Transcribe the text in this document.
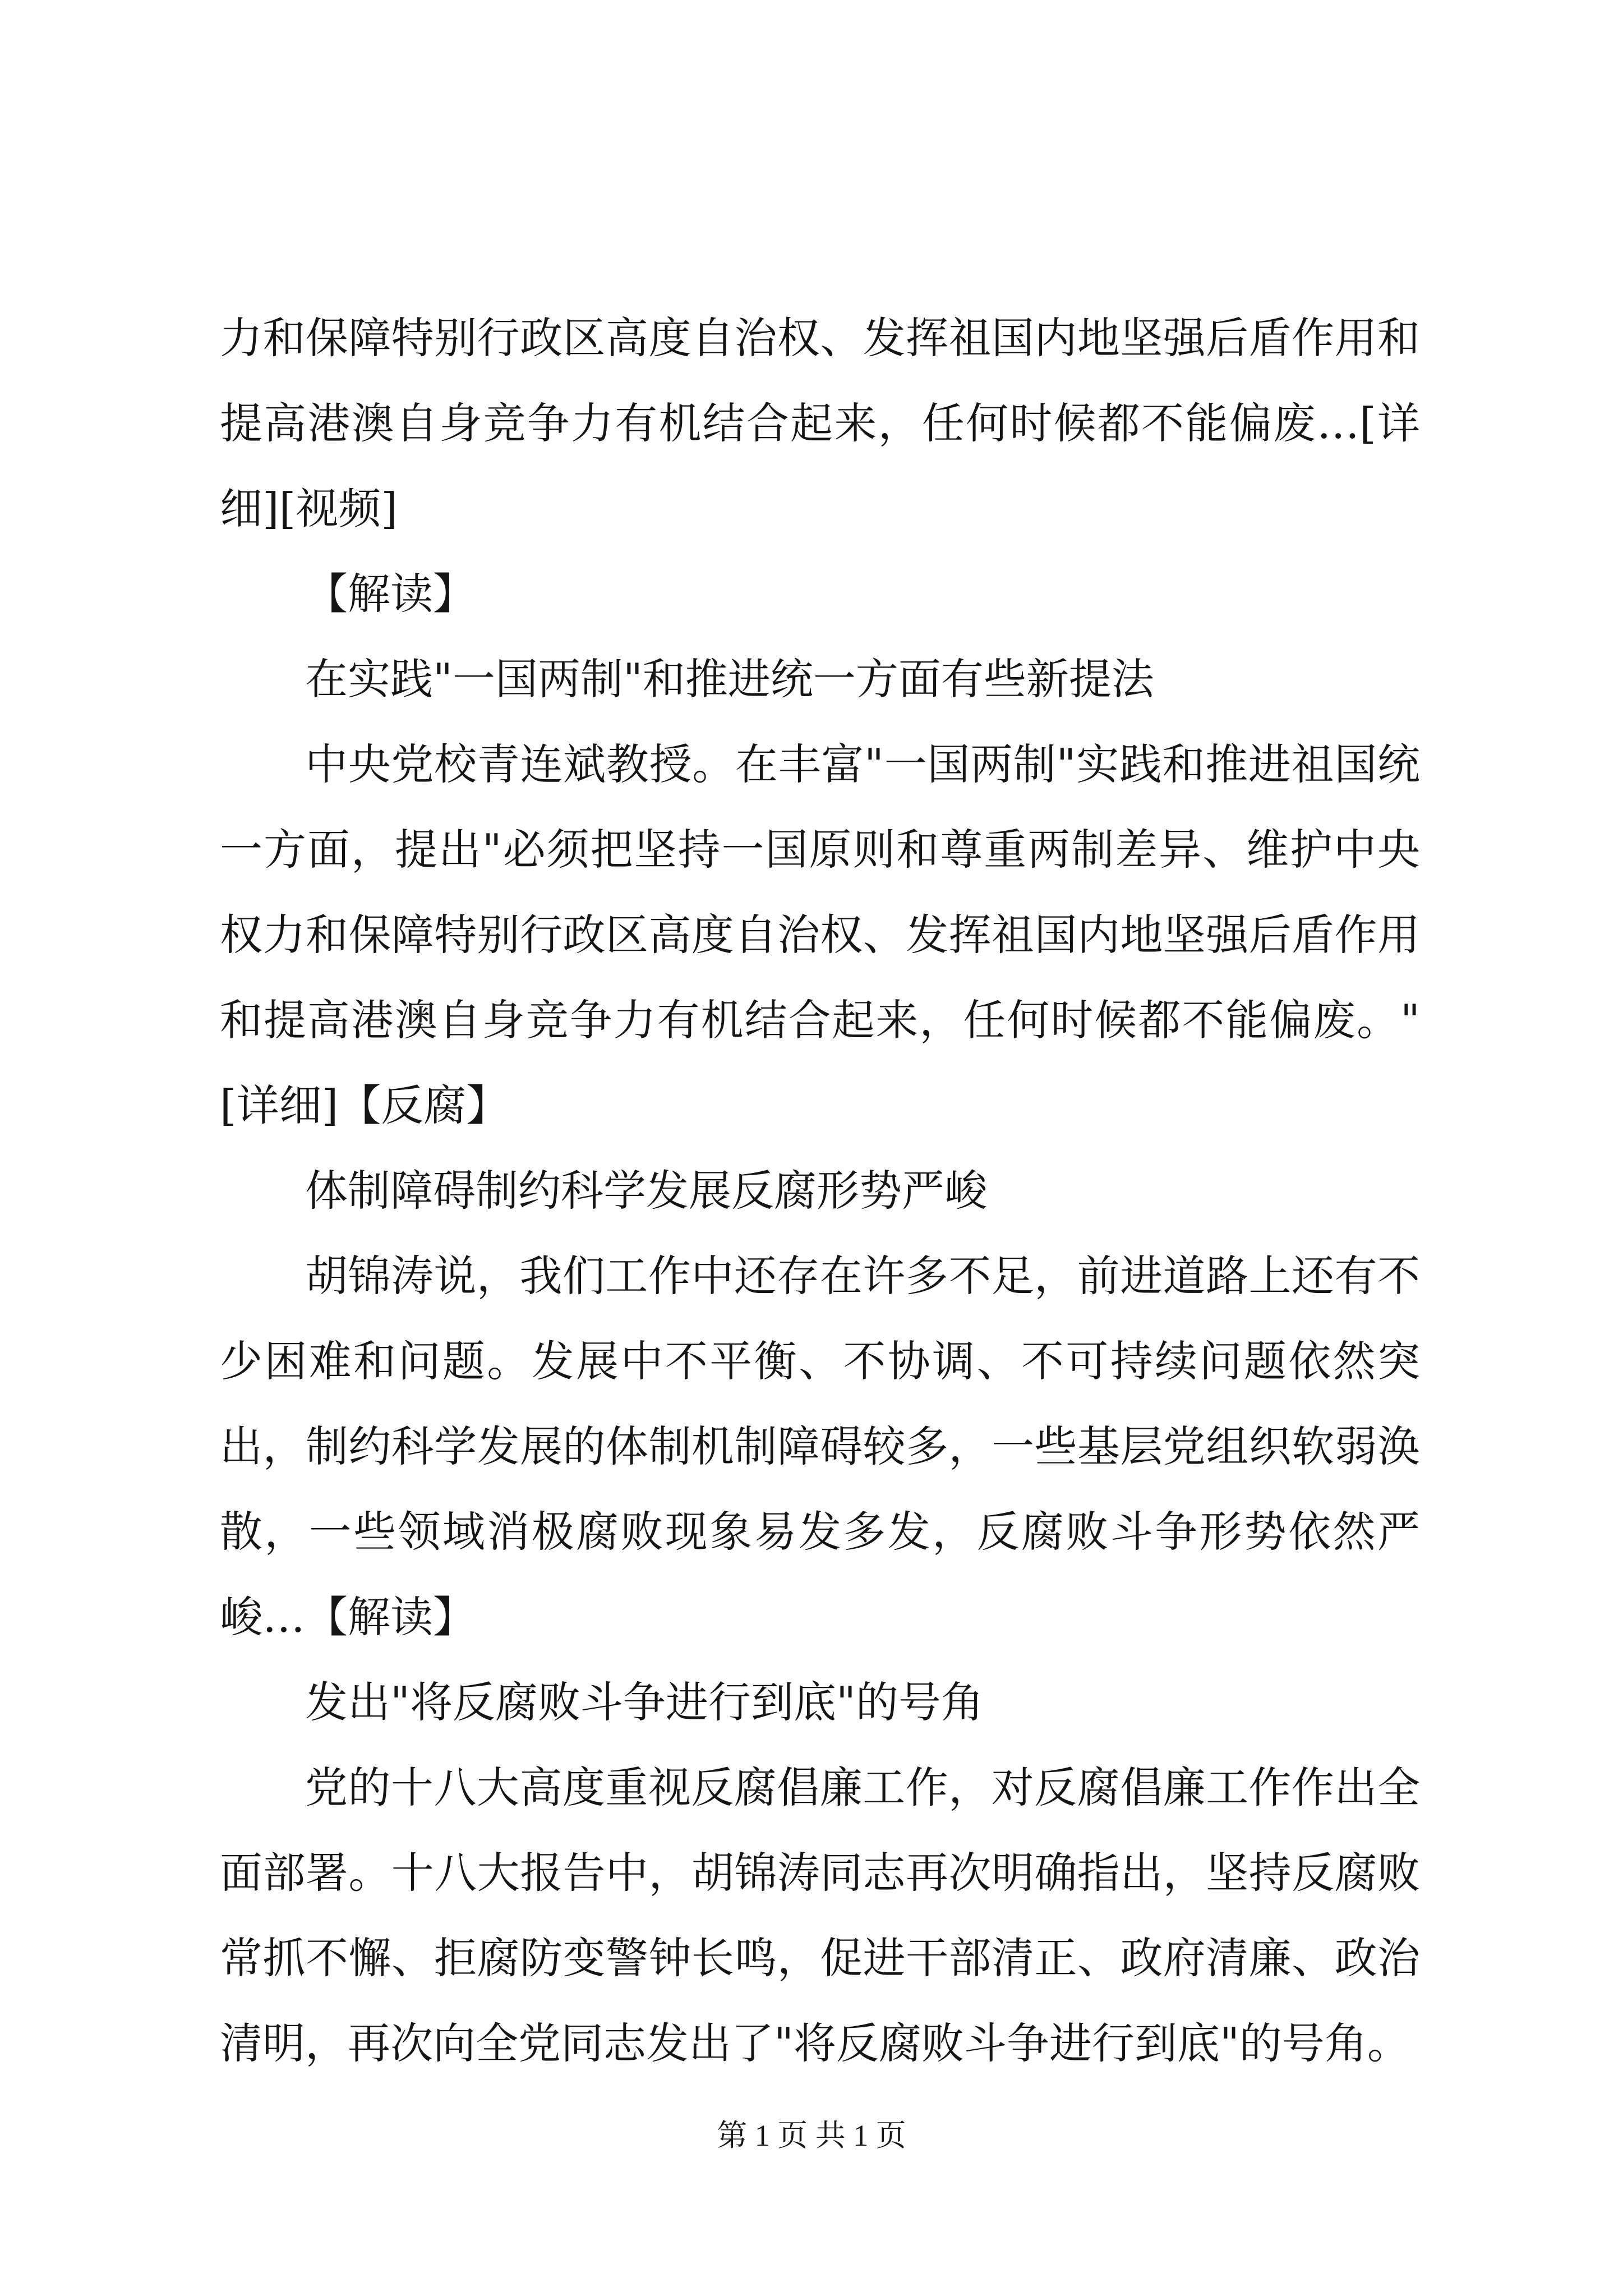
力和保障特别行政区高度自治权、发挥祖国内地坚强后盾作用和提高港澳自身竞争力有机结合起来，任何时候都不能偏废…[详细][视频]

【解读】

在实践"一国两制"和推进统一方面有些新提法

中央党校青连斌教授。在丰富"一国两制"实践和推进祖国统一方面，提出"必须把坚持一国原则和尊重两制差异、维护中央权力和保障特别行政区高度自治权、发挥祖国内地坚强后盾作用和提高港澳自身竞争力有机结合起来，任何时候都不能偏废。"[详细]【反腐】

体制障碍制约科学发展反腐形势严峻

胡锦涛说，我们工作中还存在许多不足，前进道路上还有不少困难和问题。发展中不平衡、不协调、不可持续问题依然突出，制约科学发展的体制机制障碍较多，一些基层党组织软弱涣散，一些领域消极腐败现象易发多发，反腐败斗争形势依然严峻…【解读】

发出"将反腐败斗争进行到底"的号角

党的十八大高度重视反腐倡廉工作，对反腐倡廉工作作出全面部署。十八大报告中，胡锦涛同志再次明确指出，坚持反腐败常抓不懈、拒腐防变警钟长鸣，促进干部清正、政府清廉、政治清明，再次向全党同志发出了"将反腐败斗争进行到底"的号角。

第 1 页 共 1 页
